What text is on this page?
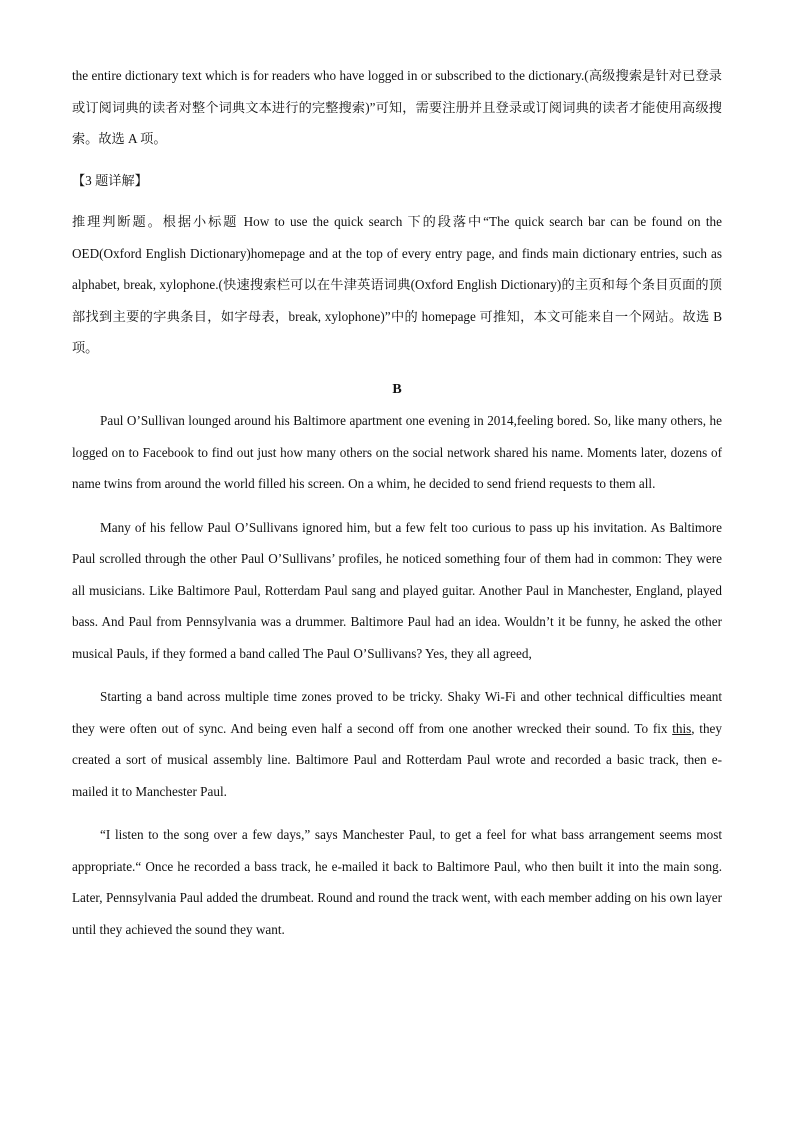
the entire dictionary text which is for readers who have logged in or subscribed to the dictionary.(高级搜索是针对已登录或订阅词典的读者对整个词典文本进行的完整搜索)”可知，需要注册并且登录或订阅词典的读者才能使用高级搜索。故选 A 项。

【3 题详解】

推理判断题。根据小标题 How to use the quick search 下的段落中“The quick search bar can be found on the OED(Oxford English Dictionary)homepage and at the top of every entry page, and finds main dictionary entries, such as alphabet, break, xylophone.(快速搜索栏可以在牛津英语词典(Oxford English Dictionary)的主页和每个条目页面的顶部找到主要的字典条目，如字母表，break, xylophone)”中的 homepage 可推知，本文可能来自一个网站。故选 B 项。

B

Paul O’Sullivan lounged around his Baltimore apartment one evening in 2014,feeling bored. So, like many others, he logged on to Facebook to find out just how many others on the social network shared his name. Moments later, dozens of name twins from around the world filled his screen. On a whim, he decided to send friend requests to them all.

Many of his fellow Paul O’Sullivans ignored him, but a few felt too curious to pass up his invitation. As Baltimore Paul scrolled through the other Paul O’Sullivans’ profiles, he noticed something four of them had in common: They were all musicians. Like Baltimore Paul, Rotterdam Paul sang and played guitar. Another Paul in Manchester, England, played bass. And Paul from Pennsylvania was a drummer. Baltimore Paul had an idea. Wouldn’t it be funny, he asked the other musical Pauls, if they formed a band called The Paul O’Sullivans? Yes, they all agreed,

Starting a band across multiple time zones proved to be tricky. Shaky Wi-Fi and other technical difficulties meant they were often out of sync. And being even half a second off from one another wrecked their sound. To fix this, they created a sort of musical assembly line. Baltimore Paul and Rotterdam Paul wrote and recorded a basic track, then e-mailed it to Manchester Paul.

“I listen to the song over a few days,” says Manchester Paul, to get a feel for what bass arrangement seems most appropriate.“ Once he recorded a bass track, he e-mailed it back to Baltimore Paul, who then built it into the main song. Later, Pennsylvania Paul added the drumbeat. Round and round the track went, with each member adding on his own layer until they achieved the sound they want.
